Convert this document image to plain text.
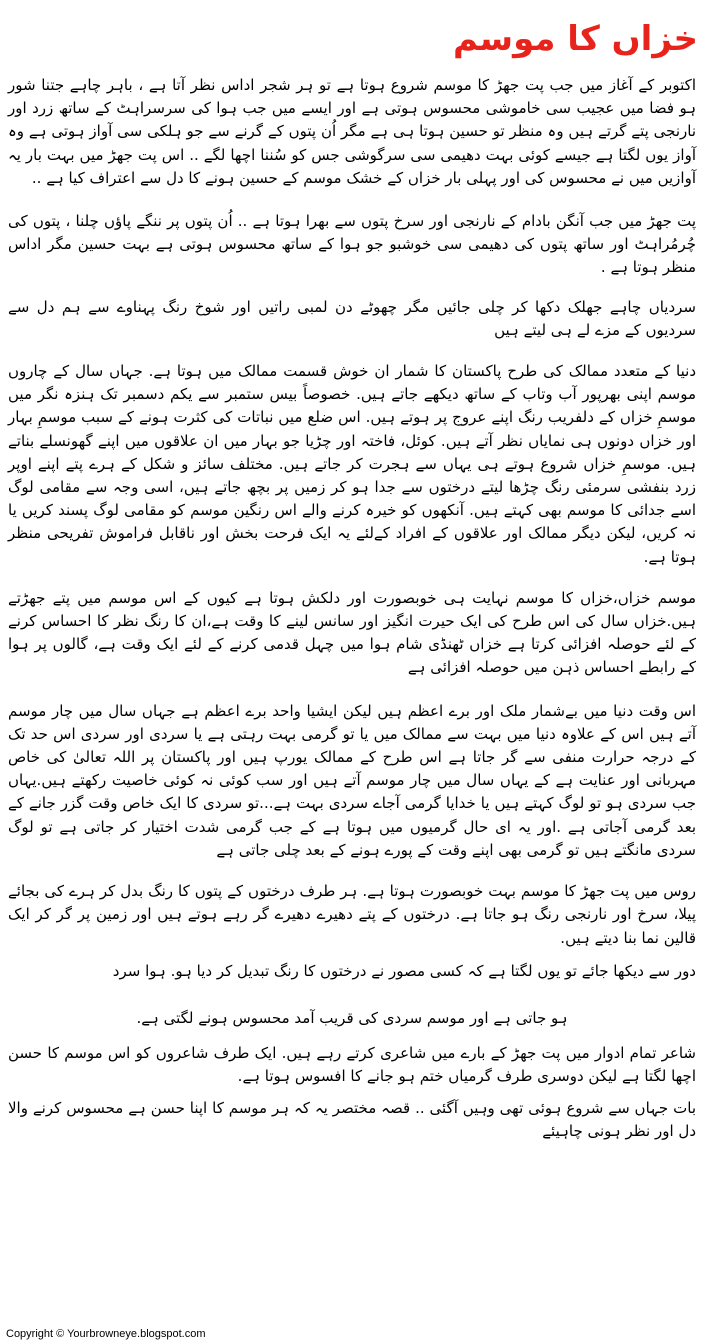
خزاں کا موسم

اکتوبر کے آغاز میں جب پت جھڑ کا موسم شروع ہوتا ہے تو ہر شجر اداس نظر آتا ہے ، باہر چاہے جتنا شور ہو فضا میں عجیب سی خاموشی محسوس ہوتی ہے اور ایسے میں جب ہوا کی سرسراہٹ کے ساتھ زرد اور نارنجی پتے گرتے ہیں وہ منظر تو حسین ہوتا ہی ہے مگر اُن پتوں کے گرنے سے جو ہلکی سی آواز ہوتی ہے وہ آواز یوں لگتا ہے جیسے کوئی بہت دھیمی سی سرگوشی جس کو سُننا اچھا لگے .. اس پت جھڑ میں بہت بار یہ آوازیں میں نے محسوس کی اور پہلی بار خزاں کے خشک موسم کے حسین ہونے کا دل سے اعتراف کیا ہے ..

پت جھڑ میں جب آنگن بادام کے نارنجی اور سرخ پتوں سے بھرا ہوتا ہے .. اُن پتوں پر ننگے پاؤں چلنا ، پتوں کی چُرمُراہٹ اور ساتھ پتوں کی دھیمی سی خوشبو جو ہوا کے ساتھ محسوس ہوتی ہے بہت حسین مگر اداس منظر ہوتا ہے .

سردیاں چاہے جھلک دکھا کر چلی جائیں مگر چھوٹے دن لمبی راتیں اور شوخ رنگ پہناوے سے ہم دل سے سردیوں کے مزے لے ہی لیتے ہیں

دنیا کے متعدد ممالک کی طرح پاکستان کا شمار ان خوش قسمت ممالک میں ہوتا ہے. جہاں سال کے چاروں موسم اپنی بھرپور آب وتاب کے ساتھ دیکھے جاتے ہیں. خصوصاً بیس ستمبر سے یکم دسمبر تک ہنزہ نگر میں موسمِ خزاں کے دلفریب رنگ اپنے عروج پر ہوتے ہیں. اس ضلع میں نباتات کی کثرت ہونے کے سبب موسمِ بہار اور خزاں دونوں ہی نمایاں نظر آتے ہیں. کوئل، فاختہ اور چڑیا جو بہار میں ان علاقوں میں اپنے گھونسلے بناتے ہیں. موسمِ خزاں شروع ہوتے ہی یہاں سے ہجرت کر جاتے ہیں. مختلف سائز و شکل کے ہرے پتے اپنے اوپر زرد بنفشی سرمئی رنگ چڑھا لیتے درختوں سے جدا ہو کر زمیں پر بچھ جاتے ہیں، اسی وجہ سے مقامی لوگ اسے جدائی کا موسم بھی کہتے ہیں. آنکھوں کو خیرہ کرنے والے اس رنگین موسم کو مقامی لوگ پسند کریں یا نہ کریں، لیکن دیگر ممالک اور علاقوں کے افراد کےلئے یہ ایک فرحت بخش اور ناقابل فراموش تفریحی منظر ہوتا ہے.

موسم خزاں،خزاں کا موسم نہایت ہی خوبصورت اور دلکش ہوتا ہے کیوں کے اس موسم میں پتے جھڑتے ہیں.خزاں سال کی اس طرح کی ایک حیرت انگیز اور سانس لینے کا وقت ہے،ان کا رنگ نظر کا احساس کرنے کے لئے حوصلہ افزائی کرتا ہے خزاں ٹھنڈی شام ہوا میں چہل قدمی کرنے کے لئے ایک وقت ہے، گالوں پر ہوا کے رابطے احساس ذہن میں حوصلہ افزائی ہے

اس وقت دنیا میں بےشمار ملک اور برے اعظم ہیں لیکن ایشیا واحد برے اعظم ہے جہاں سال میں چار موسم آتے ہیں اس کے علاوہ دنیا میں بہت سے ممالک میں یا تو گرمی بہت رہتی ہے یا سردی اور سردی اس حد تک کے درجہ حرارت منفی سے گر جاتا ہے اس طرح کے ممالک یورپ ہیں اور پاکستان پر اللہ تعالیٰ کی خاص مہربانی اور عنایت ہے کے یہاں سال میں چار موسم آتے ہیں اور سب کوئی نہ کوئی خاصیت رکھتے ہیں.یہاں جب سردی ہو تو لوگ کہتے ہیں یا خدایا گرمی آجاے سردی بہت ہے...تو سردی کا ایک خاص وقت گزر جانے کے بعد گرمی آجاتی ہے .اور یہ ای حال گرمیوں میں ہوتا ہے کے جب گرمی شدت اختیار کر جاتی ہے تو لوگ سردی مانگتے ہیں تو گرمی بھی اپنے وقت کے پورے ہونے کے بعد چلی جاتی ہے

روس میں پت جھڑ کا موسم بہت خوبصورت ہوتا ہے. ہر طرف درختوں کے پتوں کا رنگ بدل کر ہرے کی بجائے پیلا، سرخ اور نارنجی رنگ ہو جاتا ہے. درختوں کے پتے دھیرے دھیرے گر رہے ہوتے ہیں اور زمین پر گر کر ایک قالین نما بنا دیتے ہیں.

دور سے دیکھا جائے تو یوں لگتا ہے کہ کسی مصور نے درختوں کا رنگ تبدیل کر دیا ہو. ہوا سرد

ہو جاتی ہے اور موسم سردی کی قریب آمد محسوس ہونے لگتی ہے.

شاعر تمام ادوار میں پت جھڑ کے بارے میں شاعری کرتے رہے ہیں. ایک طرف شاعروں کو اس موسم کا حسن اچھا لگتا ہے لیکن دوسری طرف گرمیاں ختم ہو جانے کا افسوس ہوتا ہے.

بات جہاں سے شروع ہوئی تھی وہیں آگئی .. قصہ مختصر یہ کہ ہر موسم کا اپنا حسن ہے محسوس کرنے والا دل اور نظر ہونی چاہیئے

Copyright © Yourbrowneye.blogspot.com
